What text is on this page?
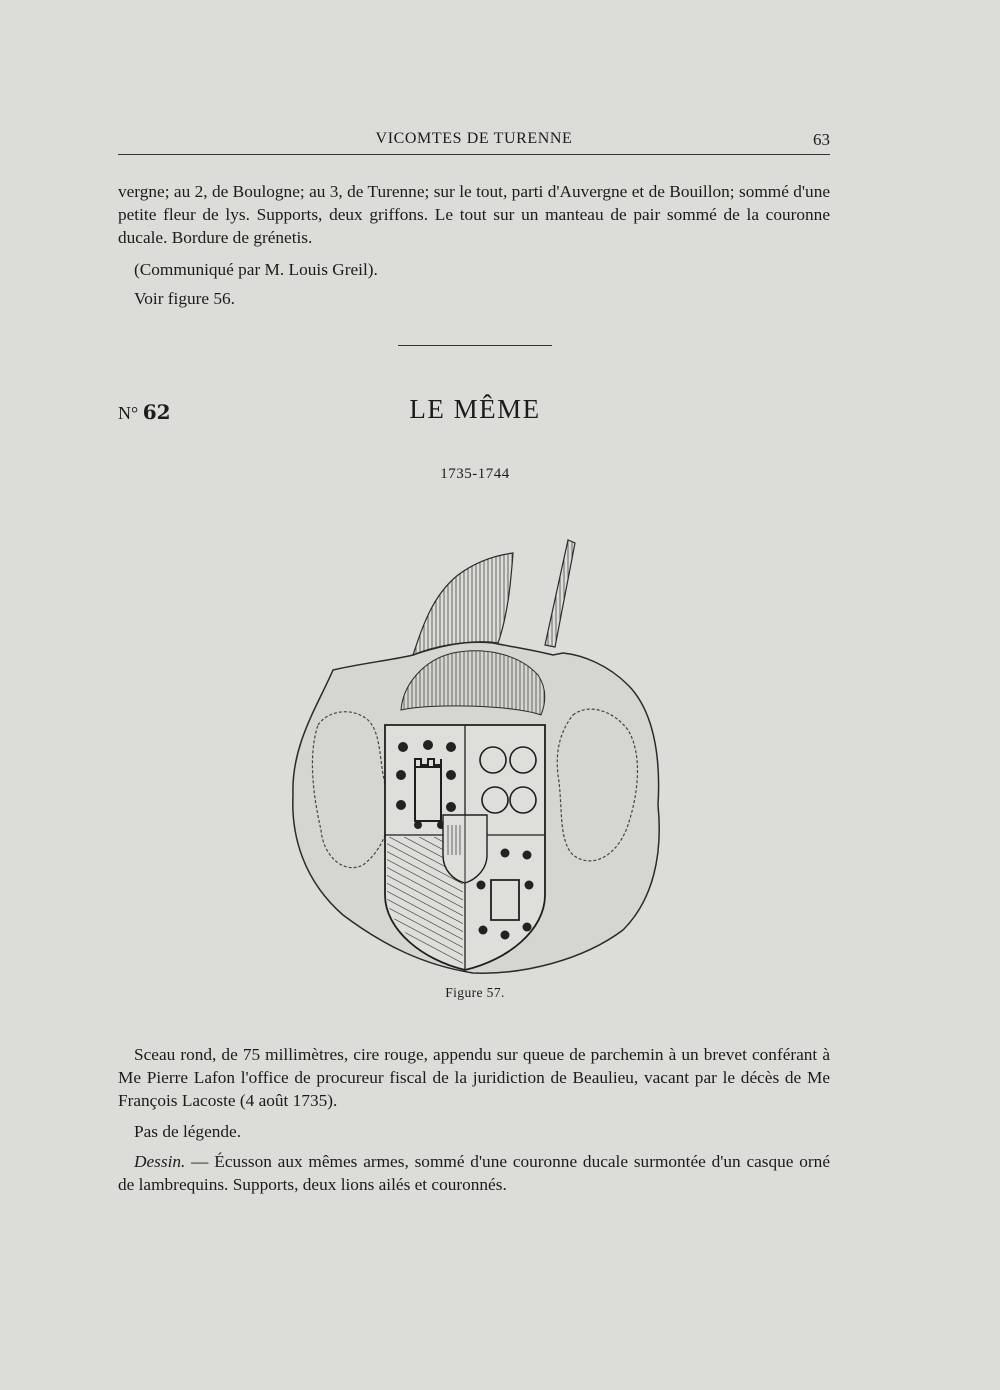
VICOMTES DE TURENNE	63

vergne; au 2, de Boulogne; au 3, de Turenne; sur le tout, parti d'Auvergne et de Bouillon; sommé d'une petite fleur de lys. Supports, deux griffons. Le tout sur un manteau de pair sommé de la couronne ducale. Bordure de grénetis.

(Communiqué par M. Louis Greil).
Voir figure 56.
N° 62	LE MÊME
1735-1744
Figure 57.

Sceau rond, de 75 millimètres, cire rouge, appendu sur queue de parchemin à un brevet conférant à Me Pierre Lafon l'office de procureur fiscal de la juridiction de Beaulieu, vacant par le décès de Me François Lacoste (4 août 1735).

Pas de légende.

Dessin. — Écusson aux mêmes armes, sommé d'une couronne ducale surmontée d'un casque orné de lambrequins. Supports, deux lions ailés et couronnés.
